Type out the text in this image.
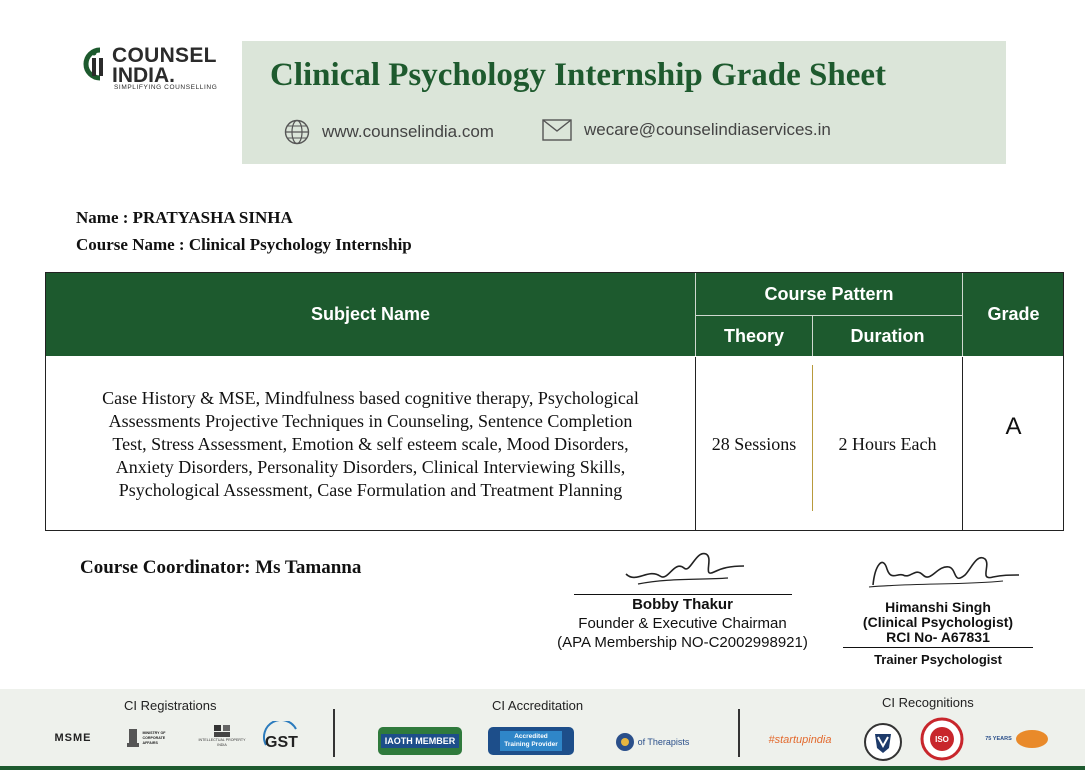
COUNSEL
INDIA.
SIMPLIFYING COUNSELLING Clinical Psychology Internship Grade Sheet
www.counselindia.com	wecare@counselindiaservices.in
Name : PRATYASHA SINHA
Course Name : Clinical Psychology Internship
Subject Name
Course Pattern
Theory	Duration
Grade
Case History & MSE, Mindfulness based cognitive therapy, Psychological
Assessments Projective Techniques in Counseling, Sentence Completion
Test, Stress Assessment, Emotion & self esteem scale, Mood Disorders,
Anxiety Disorders, Personality Disorders, Clinical Interviewing Skills,
Psychological Assessment, Case Formulation and Treatment Planning
28 Sessions	2 Hours Each
A
Course Coordinator: Ms Tamanna
Bobby Thakur
Founder & Executive Chairman
(APA Membership NO-C2002998921)
Himanshi Singh
(Clinical Psychologist)
RCI No- A67831
Trainer Psychologist
CI Registrations	CI Accreditation	CI Recognitions
MSME	MINISTRY OF CORPORATE AFFAIRS
INTELLECTUAL PROPERTY INDIA	GST	IAOTH MEMBER	Accredited Training Provider	of Therapists	#startupindia	ISO	75 YEARS
